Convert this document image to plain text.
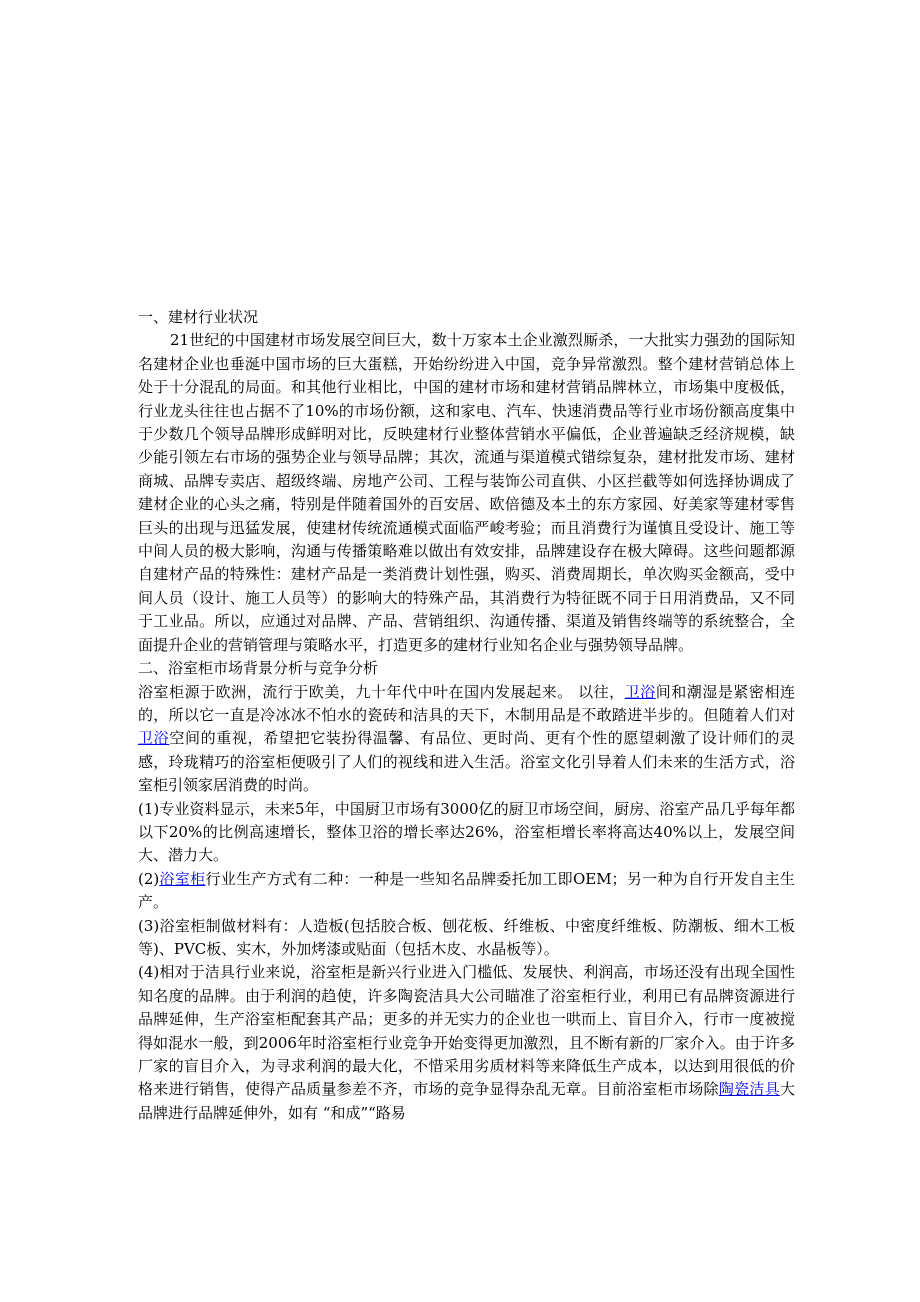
一、建材行业状况

21世纪的中国建材市场发展空间巨大，数十万家本土企业激烈厮杀，一大批实力强劲的国际知名建材企业也垂涎中国市场的巨大蛋糕，开始纷纷进入中国，竞争异常激烈。整个建材营销总体上处于十分混乱的局面。和其他行业相比，中国的建材市场和建材营销品牌林立，市场集中度极低，行业龙头往往也占据不了10%的市场份额，这和家电、汽车、快速消费品等行业市场份额高度集中于少数几个领导品牌形成鲜明对比，反映建材行业整体营销水平偏低，企业普遍缺乏经济规模，缺少能引领左右市场的强势企业与领导品牌；其次，流通与渠道模式错综复杂，建材批发市场、建材商城、品牌专卖店、超级终端、房地产公司、工程与装饰公司直供、小区拦截等如何选择协调成了建材企业的心头之痛，特别是伴随着国外的百安居、欧倍德及本土的东方家园、好美家等建材零售巨头的出现与迅猛发展，使建材传统流通模式面临严峻考验；而且消费行为谨慎且受设计、施工等中间人员的极大影响，沟通与传播策略难以做出有效安排，品牌建设存在极大障碍。这些问题都源自建材产品的特殊性：建材产品是一类消费计划性强，购买、消费周期长，单次购买金额高，受中间人员（设计、施工人员等）的影响大的特殊产品，其消费行为特征既不同于日用消费品，又不同于工业品。所以，应通过对品牌、产品、营销组织、沟通传播、渠道及销售终端等的系统整合，全面提升企业的营销管理与策略水平，打造更多的建材行业知名企业与强势领导品牌。

二、浴室柜市场背景分析与竞争分析

浴室柜源于欧洲，流行于欧美，九十年代中叶在国内发展起来。 以往，卫浴间和潮湿是紧密相连的，所以它一直是冷冰冰不怕水的瓷砖和洁具的天下，木制用品是不敢踏进半步的。但随着人们对卫浴空间的重视，希望把它装扮得温馨、有品位、更时尚、更有个性的愿望刺激了设计师们的灵感，玲珑精巧的浴室柜便吸引了人们的视线和进入生活。浴室文化引导着人们未来的生活方式，浴室柜引领家居消费的时尚。

(1)专业资料显示，未来5年，中国厨卫市场有3000亿的厨卫市场空间，厨房、浴室产品几乎每年都以下20%的比例高速增长，整体卫浴的增长率达26%，浴室柜增长率将高达40%以上，发展空间大、潜力大。

(2)浴室柜行业生产方式有二种：一种是一些知名品牌委托加工即OEM；另一种为自行开发自主生产。

(3)浴室柜制做材料有：人造板(包括胶合板、刨花板、纤维板、中密度纤维板、防潮板、细木工板等)、PVC板、实木，外加烤漆或贴面（包括木皮、水晶板等）。

(4)相对于洁具行业来说，浴室柜是新兴行业进入门槛低、发展快、利润高，市场还没有出现全国性知名度的品牌。由于利润的趋使，许多陶瓷洁具大公司瞄准了浴室柜行业，利用已有品牌资源进行品牌延伸，生产浴室柜配套其产品；更多的并无实力的企业也一哄而上、盲目介入，行市一度被搅得如混水一般，到2006年时浴室柜行业竞争开始变得更加激烈，且不断有新的厂家介入。由于许多厂家的盲目介入，为寻求利润的最大化，不惜采用劣质材料等来降低生产成本，以达到用很低的价格来进行销售，使得产品质量参差不齐，市场的竞争显得杂乱无章。目前浴室柜市场除陶瓷洁具大品牌进行品牌延伸外，如有 “和成”“路易
